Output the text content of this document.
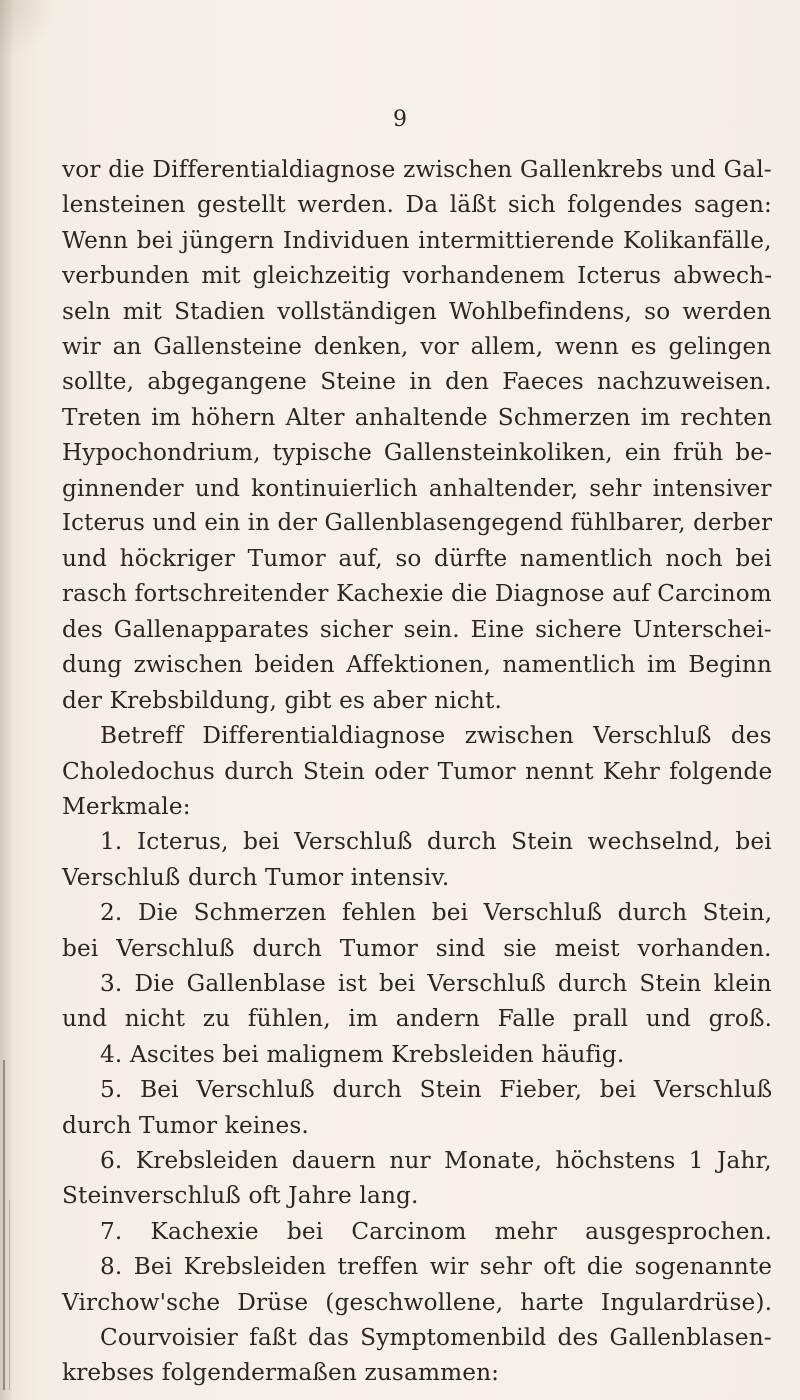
9
vor die Differentialdiagnose zwischen Gallenkrebs und Gal-
lensteinen gestellt werden. Da läßt sich folgendes sagen:
Wenn bei jüngern Individuen intermittierende Kolikanfälle,
verbunden mit gleichzeitig vorhandenem Icterus abwech-
seln mit Stadien vollständigen Wohlbefindens, so werden
wir an Gallensteine denken, vor allem, wenn es gelingen
sollte, abgegangene Steine in den Faeces nachzuweisen.
Treten im höhern Alter anhaltende Schmerzen im rechten
Hypochondrium, typische Gallensteinkoliken, ein früh be-
ginnender und kontinuierlich anhaltender, sehr intensiver
Icterus und ein in der Gallenblasengegend fühlbarer, derber
und höckriger Tumor auf, so dürfte namentlich noch bei
rasch fortschreitender Kachexie die Diagnose auf Carcinom
des Gallenapparates sicher sein. Eine sichere Unterschei-
dung zwischen beiden Affektionen, namentlich im Beginn
der Krebsbildung, gibt es aber nicht.
Betreff Differentialdiagnose zwischen Verschluß des
Choledochus durch Stein oder Tumor nennt Kehr folgende
Merkmale:
1. Icterus, bei Verschluß durch Stein wechselnd, bei
Verschluß durch Tumor intensiv.
2. Die Schmerzen fehlen bei Verschluß durch Stein,
bei Verschluß durch Tumor sind sie meist vorhanden.
3. Die Gallenblase ist bei Verschluß durch Stein klein
und nicht zu fühlen, im andern Falle prall und groß.
4. Ascites bei malignem Krebsleiden häufig.
5. Bei Verschluß durch Stein Fieber, bei Verschluß
durch Tumor keines.
6. Krebsleiden dauern nur Monate, höchstens 1 Jahr,
Steinverschluß oft Jahre lang.
7. Kachexie bei Carcinom mehr ausgesprochen.
8. Bei Krebsleiden treffen wir sehr oft die sogenannte
Virchow'sche Drüse (geschwollene, harte Ingulardrüse).
Courvoisier faßt das Symptomenbild des Gallenblasen-
krebses folgendermaßen zusammen:
